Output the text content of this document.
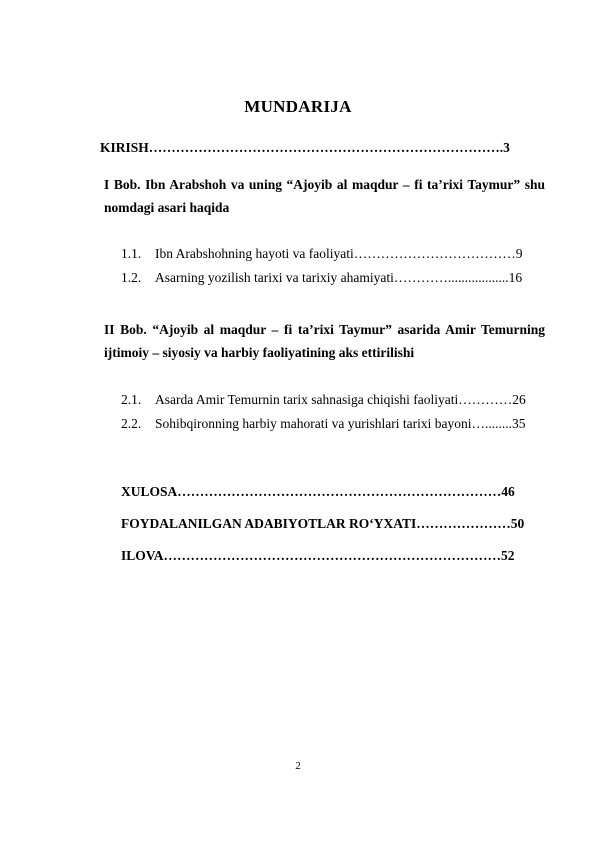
MUNDARIJA
KIRISH…………………………………………………………………….3
I Bob. Ibn Arabshoh va uning “Ajoyib al maqdur – fi ta’rixi Taymur” shu nomdagi asari haqida
1.1. Ibn Arabshohning hayoti va faoliyati………………………………9
1.2. Asarning yozilish tarixi va tarixiy ahamiyati…………..................16
II Bob. “Ajoyib al maqdur – fi ta’rixi Taymur” asarida Amir Temurning ijtimoiy – siyosiy va harbiy faoliyatining aks ettirilishi
2.1. Asarda Amir Temurnin tarix sahnasiga chiqishi faoliyati…………26
2.2. Sohibqironning harbiy mahorati va yurishlari tarixi bayoni…........35
XULOSA………………………………………………………………46
FOYDALANILGAN ADABIYOTLAR RO‘YXATI…………………50
ILOVA…………………………………………………………………52
2
